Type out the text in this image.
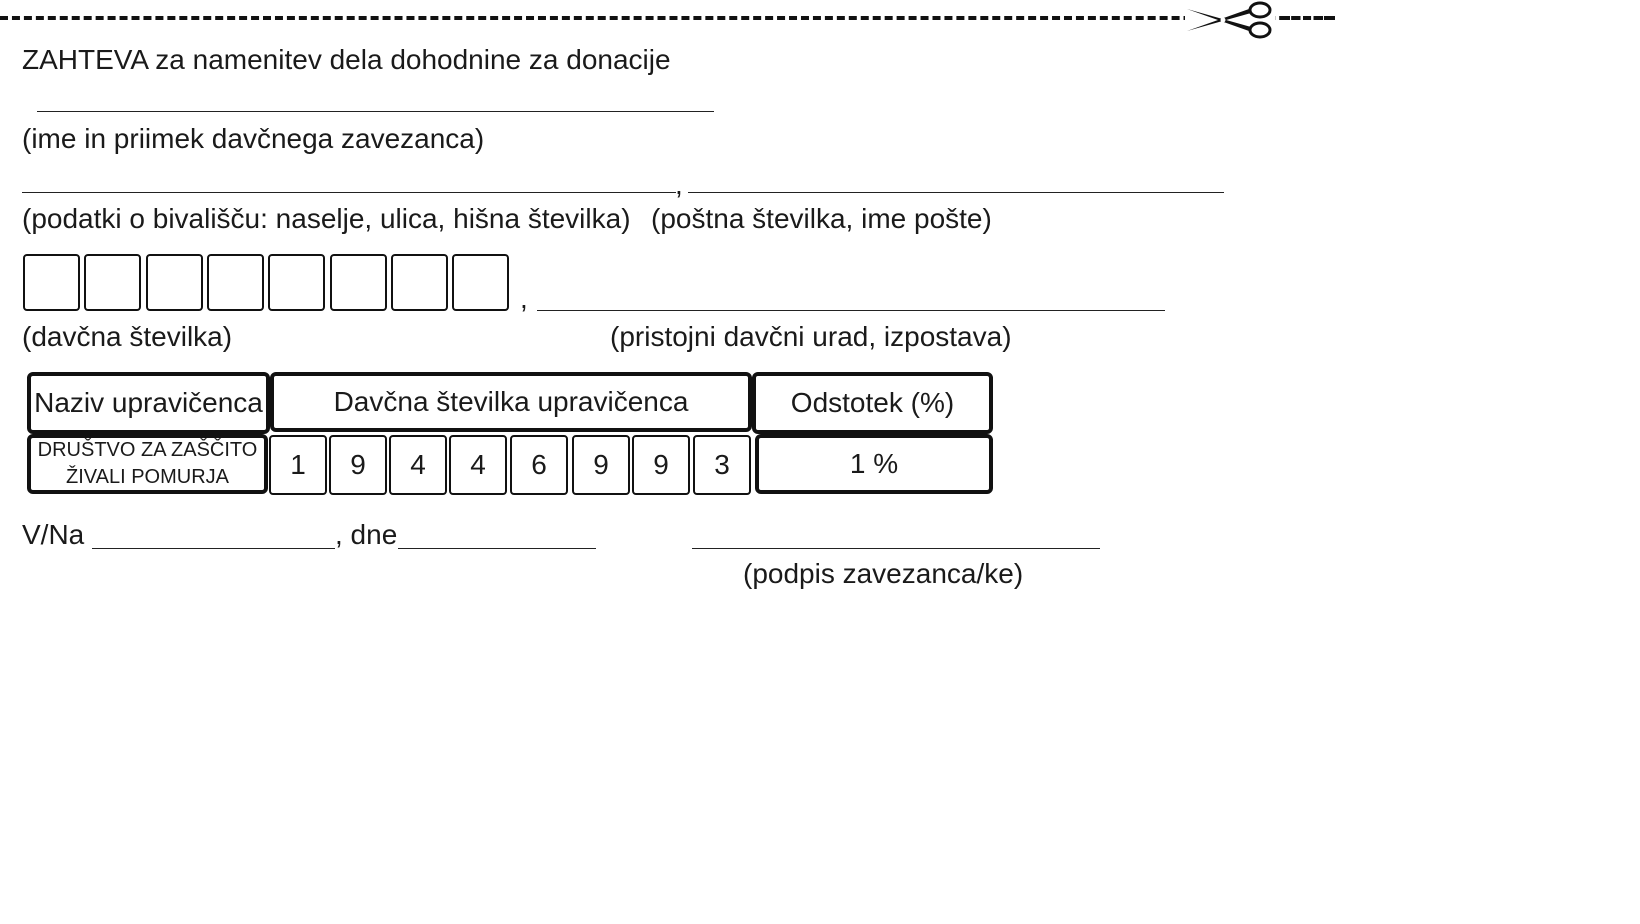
ZAHTEVA za namenitev dela dohodnine za donacije
(ime in priimek davčnega zavezanca)
,
(podatki o bivališču: naselje, ulica, hišna številka) (poštna številka, ime pošte)
,
(davčna številka)	(pristojni davčni urad, izpostava)
Naziv upravičenca	Davčna številka upravičenca	Odstotek (%)
DRUŠTVO ZA ZAŠČITO
ŽIVALI POMURJA	1	9	4	4	6	9	9	3	1 %
V/Na	, dne
(podpis zavezanca/ke)
